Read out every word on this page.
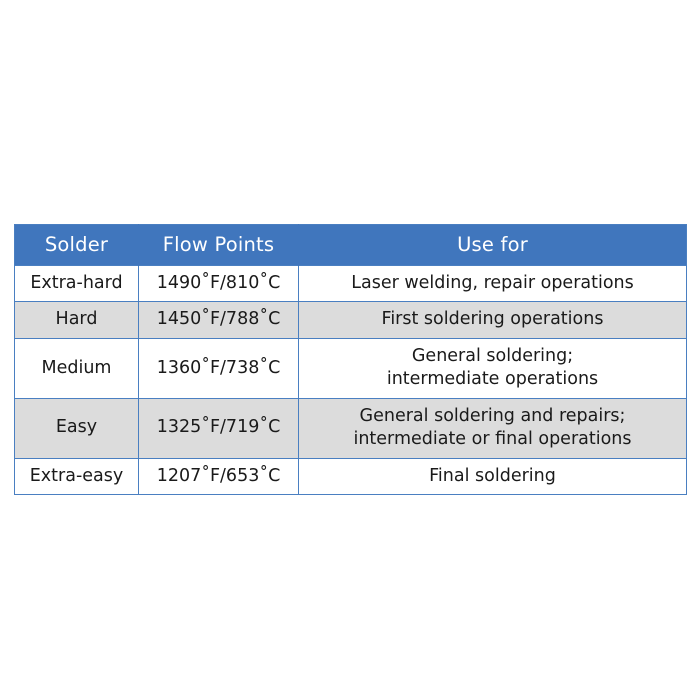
Solder	Flow Points	Use for
Extra-hard	1490˚F/810˚C	Laser welding, repair operations

Hard	1450˚F/788˚C	First soldering operations

Medium	1360˚F/738˚C	General soldering;
intermediate operations

Easy	1325˚F/719˚C	General soldering and repairs;
intermediate or final operations

Extra-easy	1207˚F/653˚C	Final soldering
